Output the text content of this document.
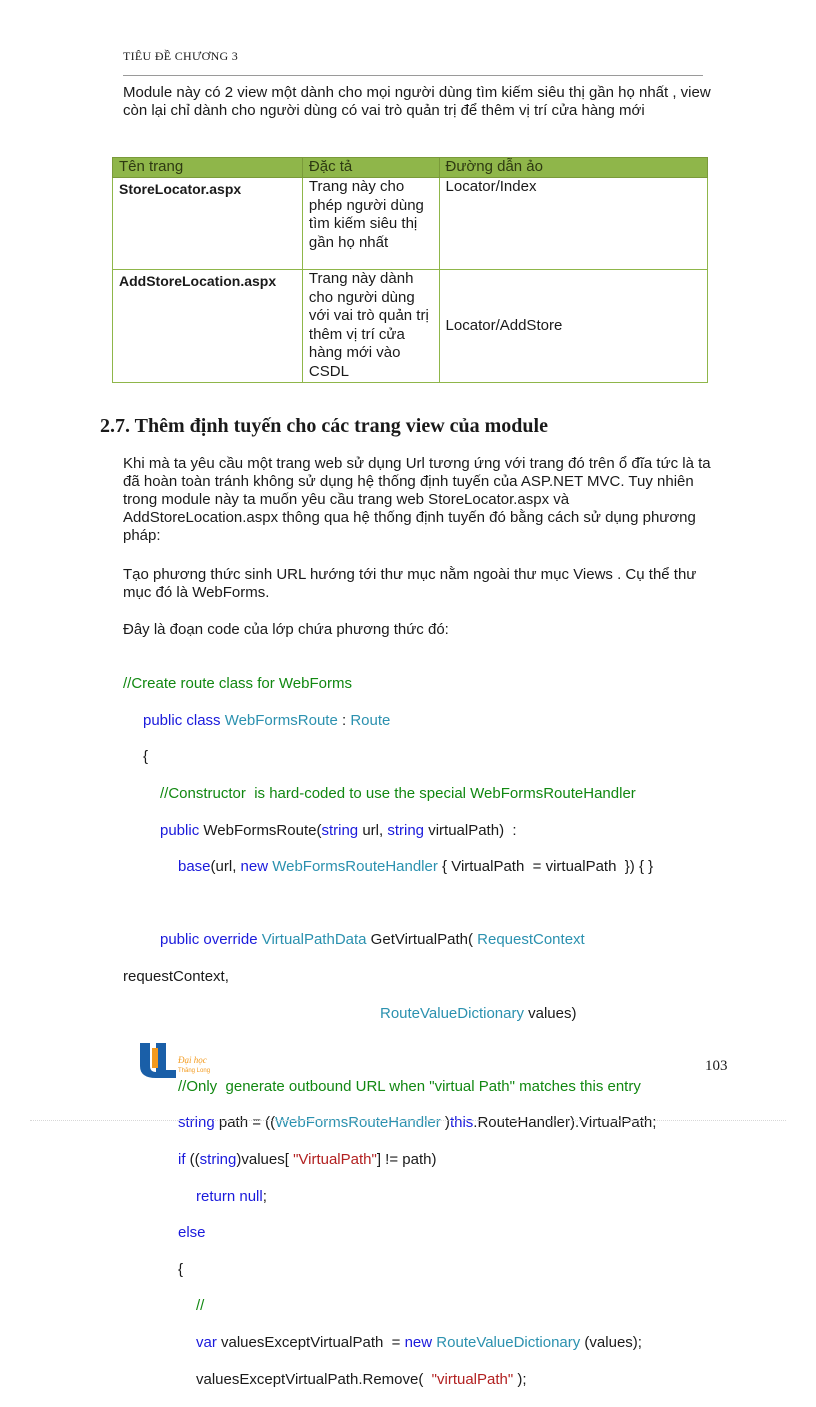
TIÊU ĐỀ CHƯƠNG 3
Module này có 2 view một dành cho mọi người dùng tìm kiếm siêu thị gần họ nhất , view còn lại chỉ dành cho người dùng có vai trò quản trị để thêm vị trí cửa hàng mới
Tên trang	Đặc tả	Đường dẫn ảo
StoreLocator.aspx	Trang này cho phép người dùng tìm kiếm siêu thị gần họ nhất	Locator/Index
AddStoreLocation.aspx	Trang này dành cho người dùng với vai trò quản trị thêm vị trí cửa hàng mới vào CSDL	Locator/AddStore
2.7. Thêm định tuyến cho các trang view của module
Khi mà ta yêu cầu một trang web sử dụng Url tương ứng với trang đó trên ổ đĩa tức là ta đã hoàn toàn tránh không sử dụng hệ thống định tuyến của ASP.NET MVC. Tuy nhiên trong module này ta muốn yêu cầu trang web StoreLocator.aspx và AddStoreLocation.aspx thông qua hệ thống định tuyến đó bằng cách sử dụng phương pháp:
Tạo phương thức sinh URL hướng tới thư mục nằm ngoài thư mục Views . Cụ thể thư mục đó là WebForms.
Đây là đoạn code của lớp chứa phương thức đó:

//Create route class for WebForms

public class WebFormsRoute : Route

{

//Constructor  is hard-coded to use the special WebFormsRouteHandler

public WebFormsRoute(string url, string virtualPath)  :

base(url, new WebFormsRouteHandler { VirtualPath  = virtualPath  }) { }

public override VirtualPathData GetVirtualPath( RequestContext

requestContext,

RouteValueDictionary values)

//Only  generate outbound URL when "virtual Path" matches this entry

string path = ((WebFormsRouteHandler )this.RouteHandler).VirtualPath;

if ((string)values[ "VirtualPath"] != path)

return null;

else

{

//

var valuesExceptVirtualPath  = new RouteValueDictionary (values);

valuesExceptVirtualPath.Remove(  "virtualPath" );

Đại học
Thăng Long	103
